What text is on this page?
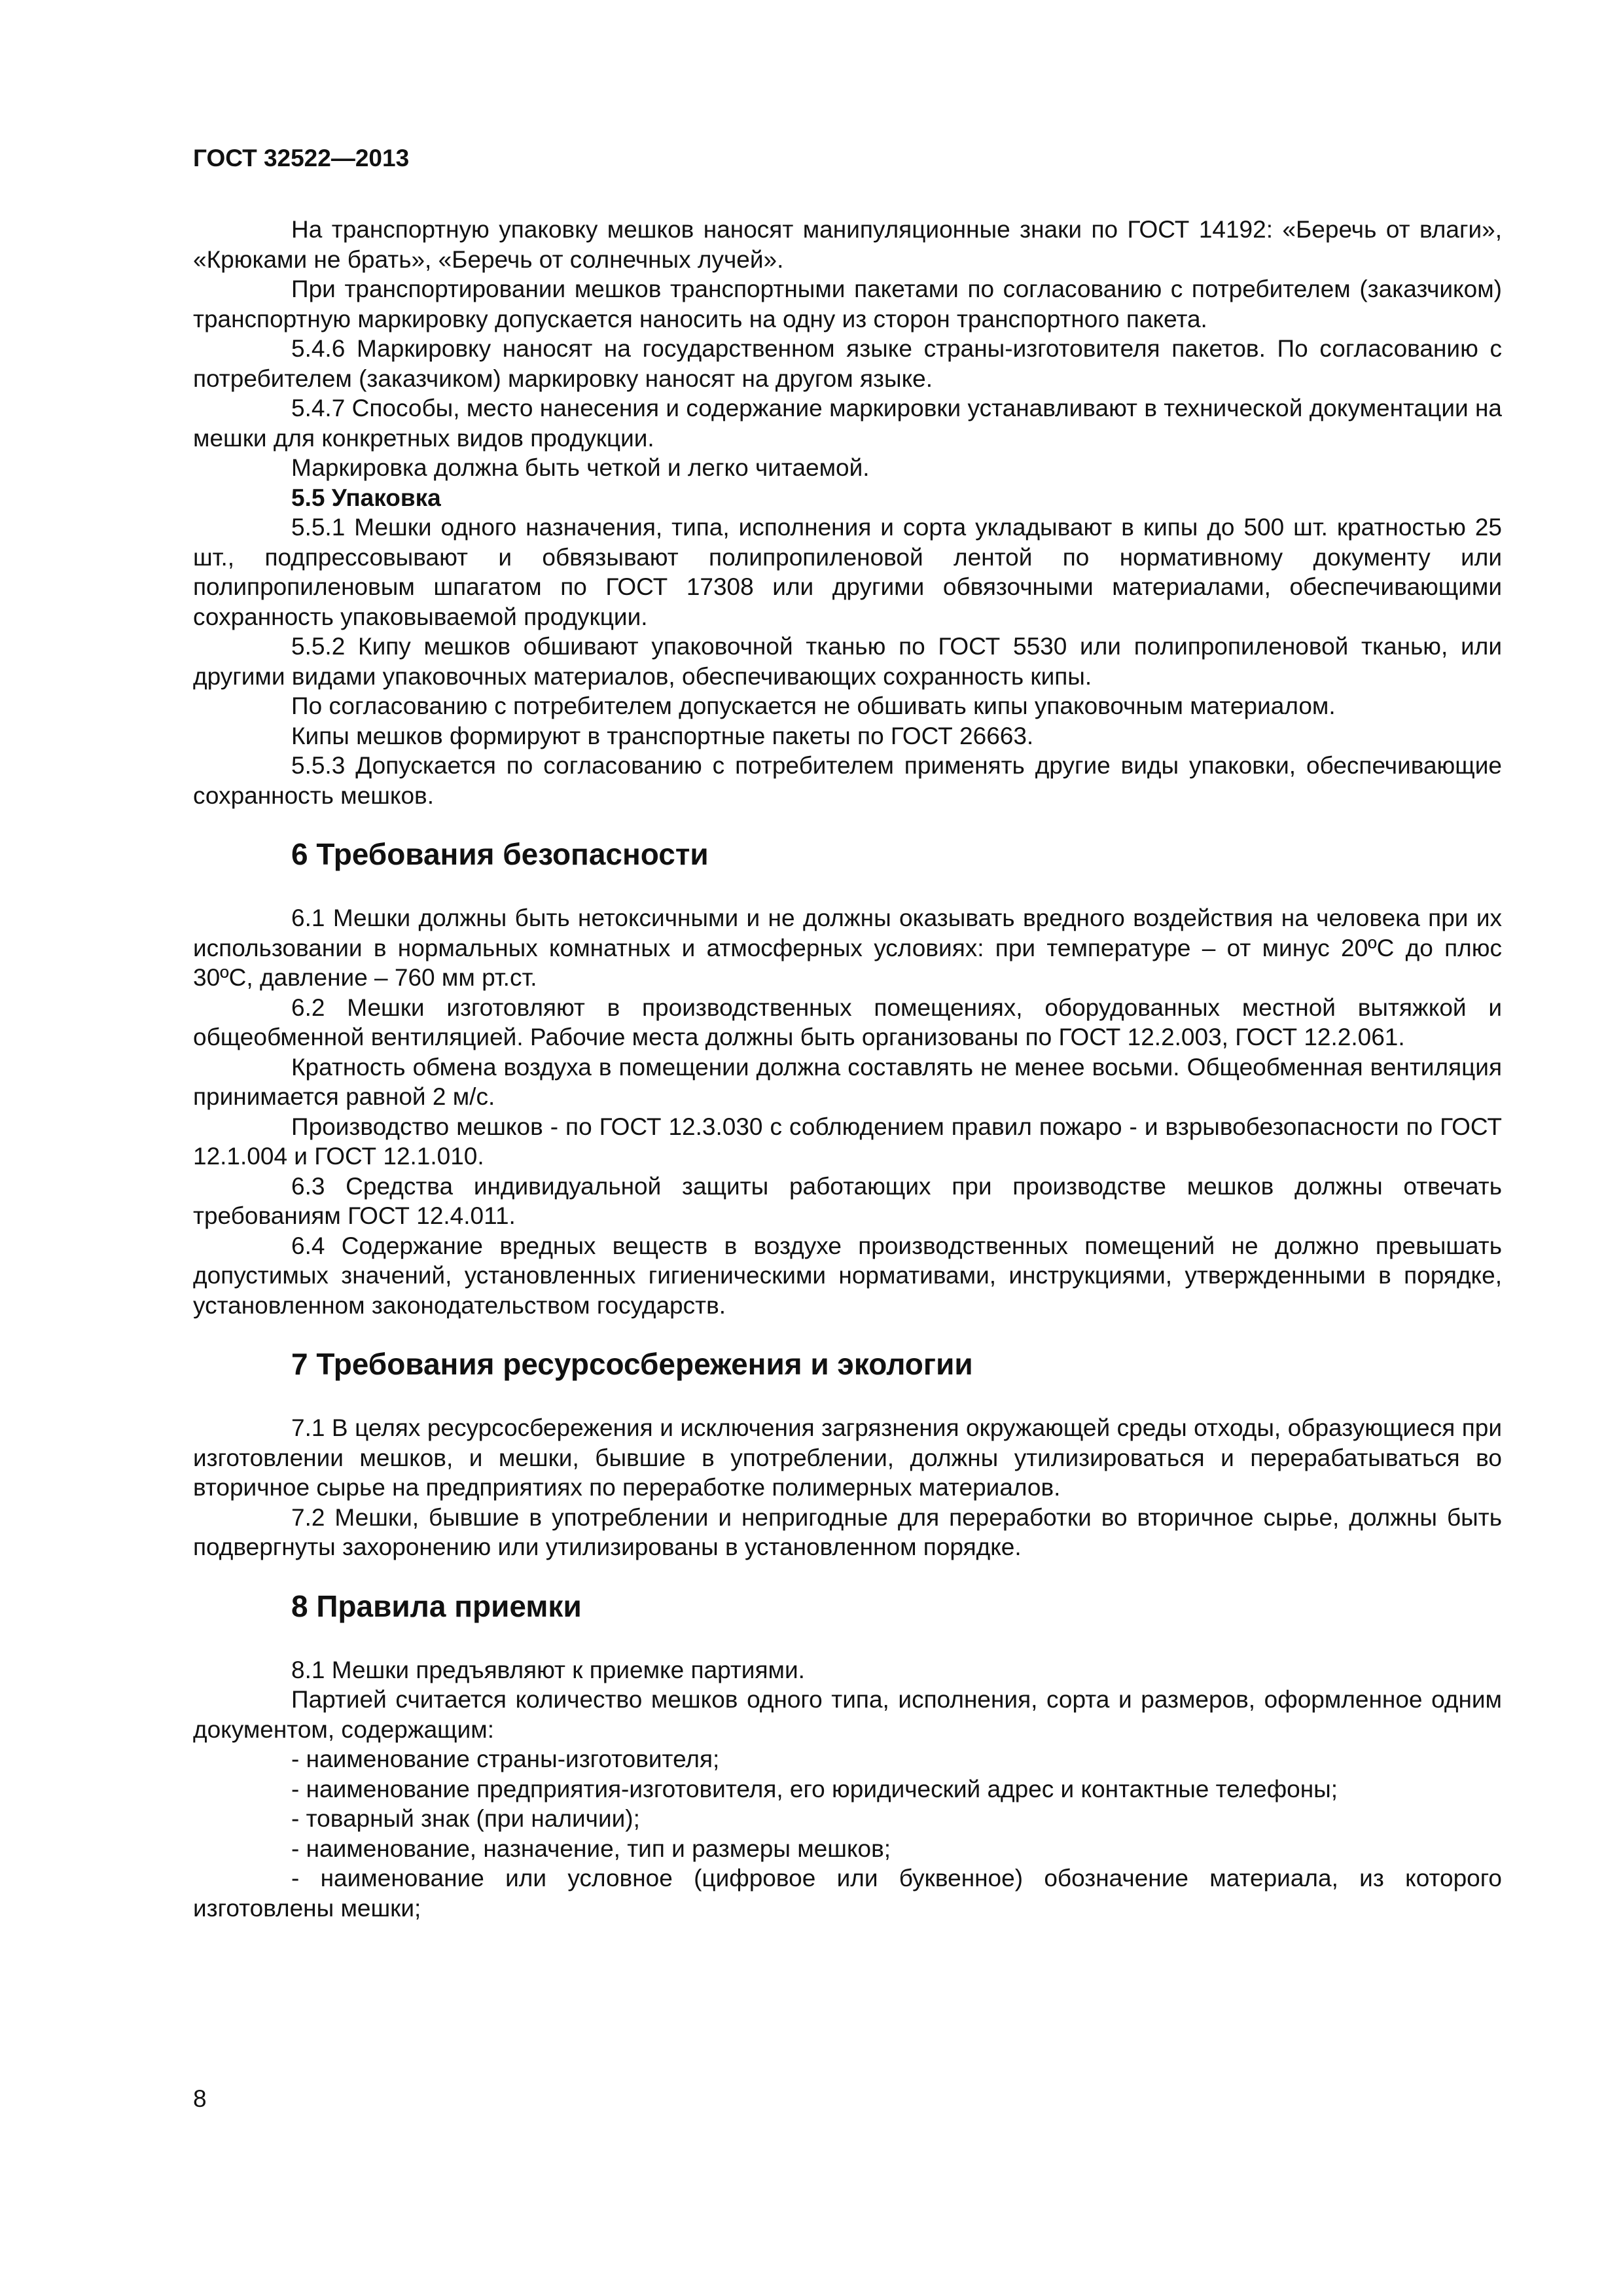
ГОСТ 32522—2013
На транспортную упаковку мешков наносят манипуляционные знаки по ГОСТ 14192: «Беречь от влаги», «Крюками не брать», «Беречь от солнечных лучей».
При транспортировании мешков транспортными пакетами по согласованию с потребителем (заказчиком) транспортную маркировку допускается наносить на одну из сторон транспортного пакета.
5.4.6 Маркировку наносят на государственном языке страны-изготовителя пакетов. По согласованию с потребителем (заказчиком) маркировку наносят на другом языке.
5.4.7 Способы, место нанесения и содержание маркировки устанавливают в технической документации на мешки для конкретных видов продукции.
Маркировка должна быть четкой и легко читаемой.
5.5 Упаковка
5.5.1 Мешки одного назначения, типа, исполнения и сорта укладывают в кипы до 500 шт. кратностью 25 шт., подпрессовывают и обвязывают полипропиленовой лентой по нормативному документу или полипропиленовым шпагатом по ГОСТ 17308 или другими обвязочными материалами, обеспечивающими сохранность упаковываемой продукции.
5.5.2 Кипу мешков обшивают упаковочной тканью по ГОСТ 5530 или полипропиленовой тканью, или другими видами упаковочных материалов, обеспечивающих сохранность кипы.
По согласованию с потребителем допускается не обшивать кипы упаковочным материалом.
Кипы мешков формируют в транспортные пакеты по ГОСТ 26663.
5.5.3 Допускается по согласованию с потребителем применять другие виды упаковки, обеспечивающие сохранность мешков.
6 Требования безопасности
6.1 Мешки должны быть нетоксичными и не должны оказывать вредного воздействия на человека при их использовании в нормальных комнатных и атмосферных условиях: при температуре – от минус 20ºС до плюс 30ºС, давление – 760 мм рт.ст.
6.2 Мешки изготовляют в производственных помещениях, оборудованных местной вытяжкой и общеобменной вентиляцией. Рабочие места должны быть организованы по ГОСТ 12.2.003, ГОСТ 12.2.061.
Кратность обмена воздуха в помещении должна составлять не менее восьми. Общеобменная вентиляция принимается равной 2 м/с.
Производство мешков - по ГОСТ 12.3.030 с соблюдением правил пожаро - и взрывобезопасности по ГОСТ 12.1.004 и ГОСТ 12.1.010.
6.3 Средства индивидуальной защиты работающих при производстве мешков должны отвечать требованиям ГОСТ 12.4.011.
6.4 Содержание вредных веществ в воздухе производственных помещений не должно превышать допустимых значений, установленных гигиеническими нормативами, инструкциями, утвержденными в порядке, установленном законодательством государств.
7 Требования ресурсосбережения и экологии
7.1 В целях ресурсосбережения и исключения загрязнения окружающей среды отходы, образующиеся при изготовлении мешков, и мешки, бывшие в употреблении, должны утилизироваться и перерабатываться во вторичное сырье на предприятиях по переработке полимерных материалов.
7.2 Мешки, бывшие в употреблении и непригодные для переработки во вторичное сырье, должны быть подвергнуты захоронению или утилизированы в установленном порядке.
8 Правила приемки
8.1 Мешки предъявляют к приемке партиями.
Партией считается количество мешков одного типа, исполнения, сорта и размеров, оформленное одним документом, содержащим:
- наименование страны-изготовителя;
- наименование предприятия-изготовителя, его юридический адрес и контактные телефоны;
- товарный знак (при наличии);
- наименование, назначение, тип и размеры мешков;
- наименование или условное (цифровое или буквенное) обозначение материала, из которого изготовлены мешки;
8
